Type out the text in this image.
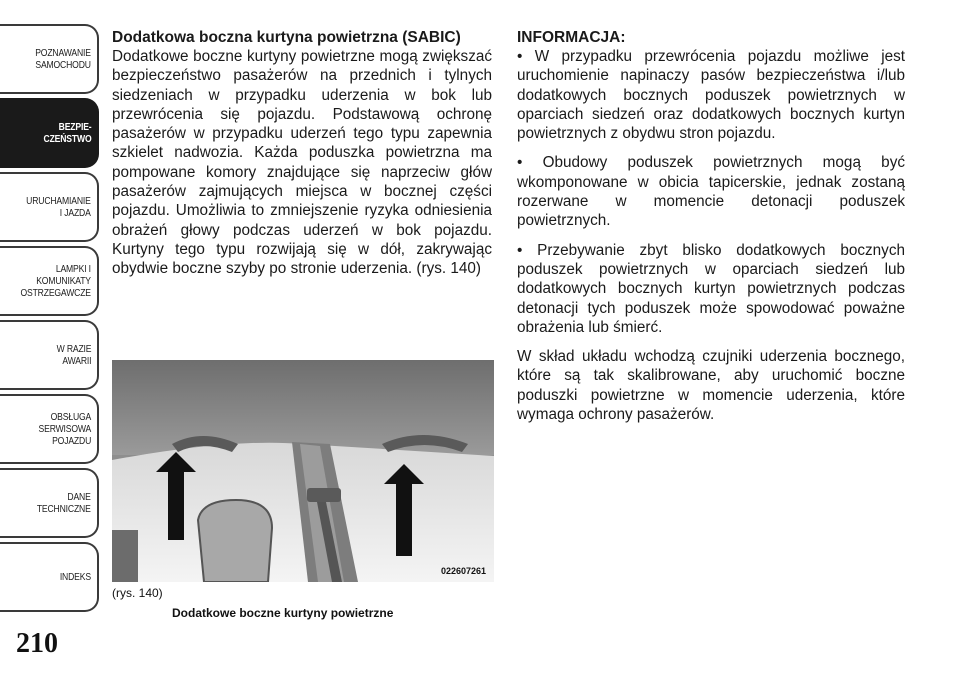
POZNAWANIE
SAMOCHODU
BEZPIE-
CZEŃSTWO
URUCHAMIANIE
I JAZDA
LAMPKI I
KOMUNIKATY
OSTRZEGAWCZE
W RAZIE
AWARII
OBSŁUGA
SERWISOWA
POJAZDU
DANE
TECHNICZNE
INDEKS
210
Dodatkowa boczna kurtyna powietrzna (SABIC)

Dodatkowe boczne kurtyny powietrzne mogą zwiększać bezpieczeństwo pasażerów na przednich i tylnych siedzeniach w przypadku uderzenia w bok lub przewrócenia się pojazdu. Podstawową ochronę pasażerów w przypadku uderzeń tego typu zapewnia szkielet nadwozia. Każda poduszka powietrzna ma pompowane komory znajdujące się naprzeciw głów pasażerów zajmujących miejsca w bocznej części pojazdu. Umożliwia to zmniejszenie ryzyka odniesienia obrażeń głowy podczas uderzeń w bok pojazdu. Kurtyny tego typu rozwijają się w dół, zakrywając obydwie boczne szyby po stronie uderzenia. (rys. 140)

022607261
(rys. 140)
Dodatkowe boczne kurtyny powietrzne
INFORMACJA:

• W przypadku przewrócenia pojazdu możliwe jest uruchomienie napinaczy pasów bezpieczeństwa i/lub dodatkowych bocznych poduszek powietrznych w oparciach siedzeń oraz dodatkowych bocznych kurtyn powietrznych z obydwu stron pojazdu.

• Obudowy poduszek powietrznych mogą być wkomponowane w obicia tapicerskie, jednak zostaną rozerwane w momencie detonacji poduszek powietrznych.

• Przebywanie zbyt blisko dodatkowych bocznych poduszek powietrznych w oparciach siedzeń lub dodatkowych bocznych kurtyn powietrznych podczas detonacji tych poduszek może spowodować poważne obrażenia lub śmierć.

W skład układu wchodzą czujniki uderzenia bocznego, które są tak skalibrowane, aby uruchomić boczne poduszki powietrzne w momencie uderzenia, które wymaga ochrony pasażerów.
